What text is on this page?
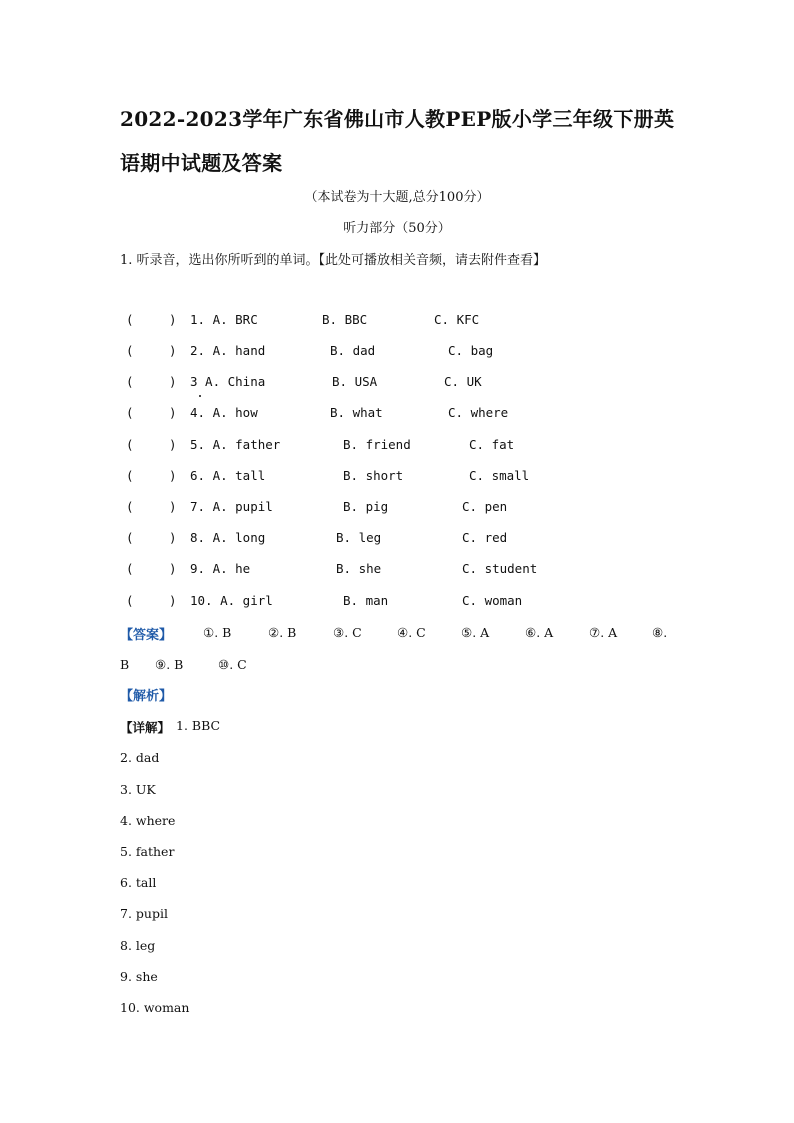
2022-2023学年广东省佛山市人教PEP版小学三年级下册英
语期中试题及答案
（本试卷为十大题,总分100分）
听力部分（50分）
1. 听录音，选出你所听到的单词。【此处可播放相关音频，请去附件查看】
(	) 1. A. BRC	B. BBC	C. KFC
(	) 2. A. hand	B. dad	C. bag
(	) 3 A. China	B. USA	C. UK
(	) 4. A. how	B. what	C. where
(	) 5. A. father	B. friend	C. fat
(	) 6. A. tall	B. short	C. small
(	) 7. A. pupil	B. pig	C. pen
(	) 8. A. long	B. leg	C. red
(	) 9. A. he	B. she	C. student
(	) 10. A. girl	B. man	C. woman
【答案】 ①. B	②. B	③. C	④. C	⑤. A	⑥. A	⑦. A	⑧.
B ⑨. B	⑩. C
【解析】
【详解】 1. BBC
2. dad
3. UK
4. where
5. father
6. tall
7. pupil
8. leg
9. she
10. woman
